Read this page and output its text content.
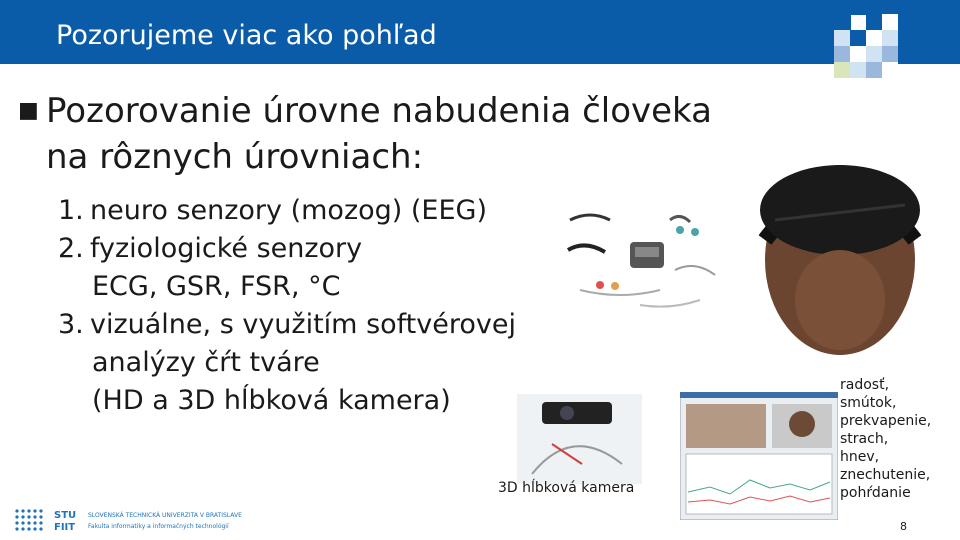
Pozorujeme viac ako pohľad
■ Pozorovanie úrovne nabudenia človeka na rôznych úrovniach:
1. neuro senzory (mozog) (EEG)
2. fyziologické senzory
ECG, GSR, FSR, °C
3. vizuálne, s využitím softvérovej
analýzy čŕt tváre
(HD a 3D hĺbková kamera)
3D hĺbková kamera
radosť,
smútok,
prekvapenie,
strach,
hnev,
znechutenie,
pohŕdanie
8
STU
FIIT
SLOVENSKÁ TECHNICKÁ UNIVERZITA V BRATISLAVE
Fakulta informatiky a informačných technológií
